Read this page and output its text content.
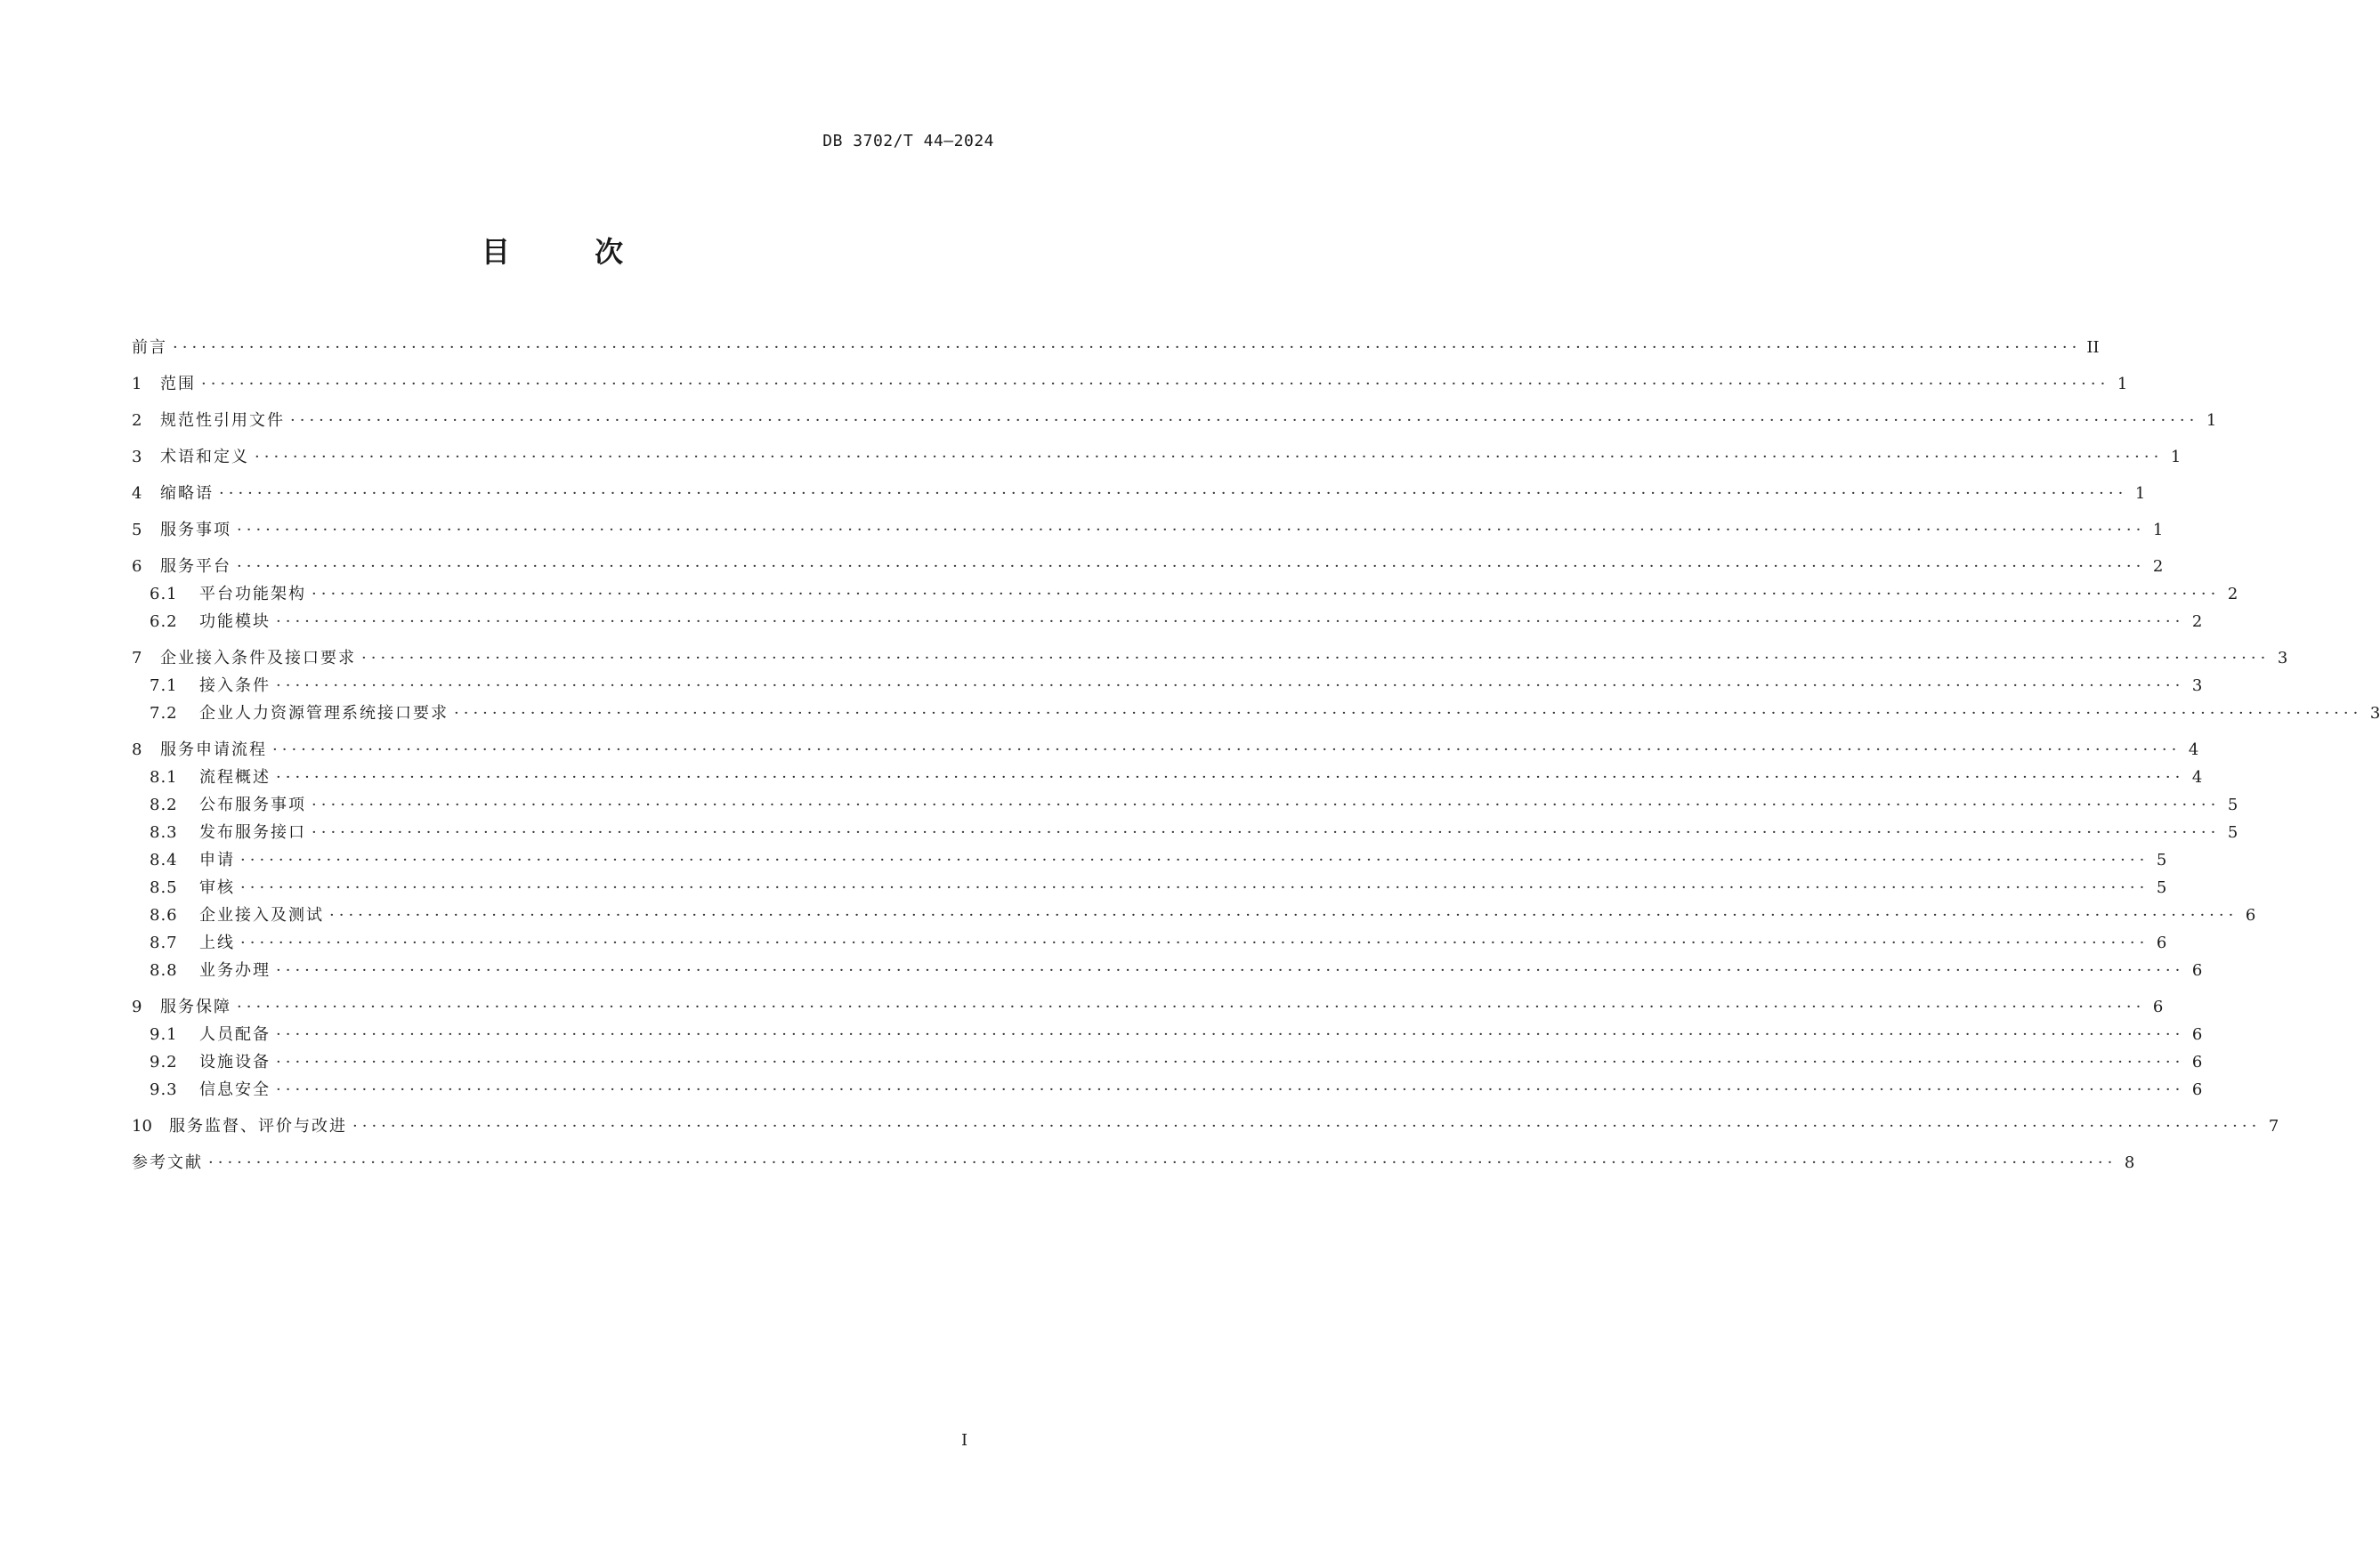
DB 3702/T 44—2024
目 次
前言 ········································································································································································································ II
1	范围 ········································································································································································································ 1
2	规范性引用文件 ········································································································································································································ 1
3	术语和定义 ········································································································································································································ 1
4	缩略语 ········································································································································································································ 1
5	服务事项 ········································································································································································································ 1
6	服务平台 ········································································································································································································ 2
6.1	平台功能架构 ········································································································································································································ 2
6.2	功能模块 ········································································································································································································ 2
7	企业接入条件及接口要求 ········································································································································································································ 3
7.1	接入条件 ········································································································································································································ 3
7.2	企业人力资源管理系统接口要求 ········································································································································································································ 3
8	服务申请流程 ········································································································································································································ 4
8.1	流程概述 ········································································································································································································ 4
8.2	公布服务事项 ········································································································································································································ 5
8.3	发布服务接口 ········································································································································································································ 5
8.4	申请 ········································································································································································································ 5
8.5	审核 ········································································································································································································ 5
8.6	企业接入及测试 ········································································································································································································ 6
8.7	上线 ········································································································································································································ 6
8.8	业务办理 ········································································································································································································ 6
9	服务保障 ········································································································································································································ 6
9.1	人员配备 ········································································································································································································ 6
9.2	设施设备 ········································································································································································································ 6
9.3	信息安全 ········································································································································································································ 6
10	服务监督、评价与改进 ········································································································································································································ 7
参考文献 ········································································································································································································ 8
I
